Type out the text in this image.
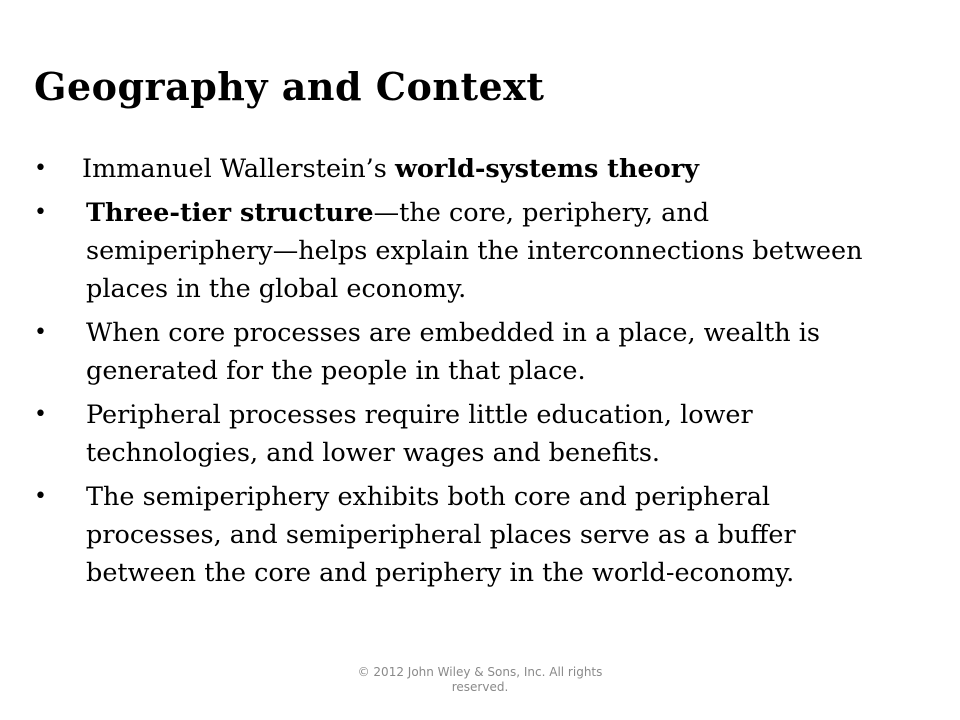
Geography and Context
• Immanuel Wallerstein’s world-systems theory
• Three-tier structure—the core, periphery, and semiperiphery—helps explain the interconnections between places in the global economy.
• When core processes are embedded in a place, wealth is generated for the people in that place.
• Peripheral processes require little education, lower technologies, and lower wages and benefits.
• The semiperiphery exhibits both core and peripheral processes, and semiperipheral places serve as a buffer between the core and periphery in the world-economy.
© 2012 John Wiley & Sons, Inc. All rights reserved.
